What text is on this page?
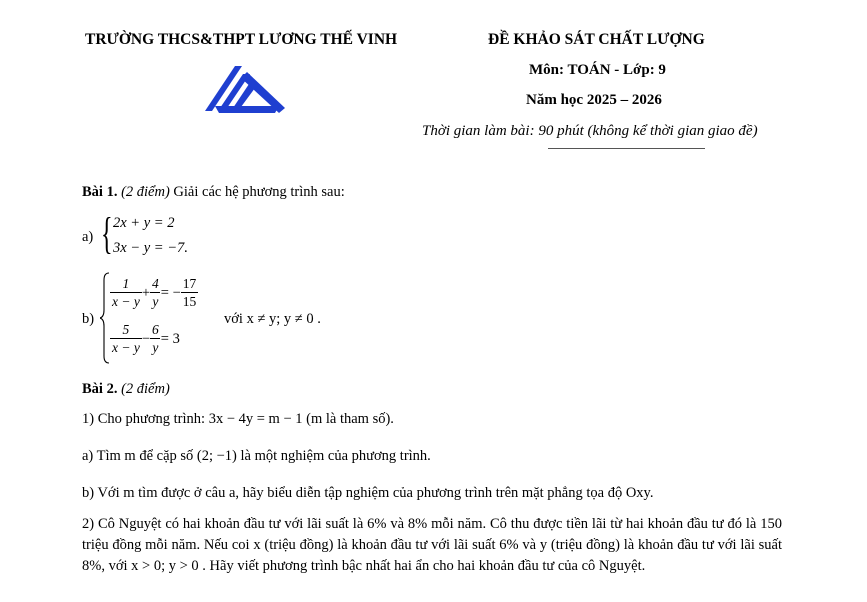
TRƯỜNG THCS&THPT LƯƠNG THẾ VINH	ĐỀ KHẢO SÁT CHẤT LƯỢNG
Môn: TOÁN - Lớp: 9
Năm học 2025 – 2026
Thời gian làm bài: 90 phút (không kể thời gian giao đề)
Bài 1. (2 điểm) Giải các hệ phương trình sau:
a) { 2x + y = 2
3x − y = −7 .
b)
$\frac{1}{x - y} + \frac{4}{y}$ = − $\frac{17}{15}$
$\frac{5}{x - y} - \frac{6}{y} = 3$
với x ≠ y; y ≠ 0 .
Bài 2. (2 điểm)
1) Cho phương trình: 3x − 4y = m − 1 (m là tham số).
a) Tìm m để cặp số (2; −1) là một nghiệm của phương trình.
b) Với m tìm được ở câu a, hãy biểu diễn tập nghiệm của phương trình trên mặt phẳng tọa độ Oxy.
2) Cô Nguyệt có hai khoản đầu tư với lãi suất là 6% và 8% mỗi năm. Cô thu được tiền lãi từ hai khoản đầu tư đó là 150 triệu đồng mỗi năm. Nếu coi x (triệu đồng) là khoản đầu tư với lãi suất 6% và y (triệu đồng) là khoản đầu tư với lãi suất 8%, với x > 0; y > 0 . Hãy viết phương trình bậc nhất hai ẩn cho hai khoản đầu tư của cô Nguyệt.
